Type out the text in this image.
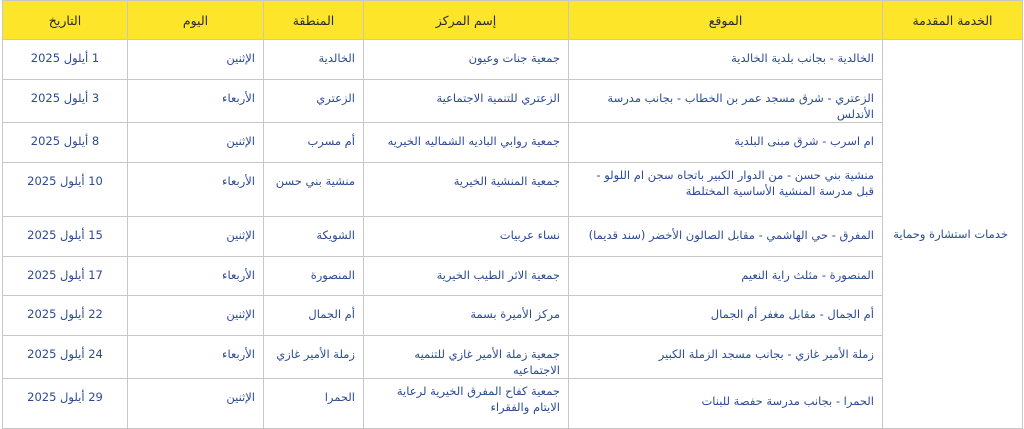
الخدمة المقدمة	الموقع	إسم المركز	المنطقة	اليوم	التاريخ
خدمات استشارة وحماية	الخالدية - بجانب بلدية الخالدية	جمعية جنات وعيون	الخالدية	الإثنين	1 أيلول 2025

	الزعتري - شرق مسجد عمر بن الخطاب - بجانب مدرسة الأندلس	الزعتري للتنمية الاجتماعية	الزعتري	الأربعاء	3 أيلول 2025

	ام اسرب - شرق مبنى البلدية	جمعية روابي الباديه الشماليه الخيريه	أم مسرب	الإثنين	8 أيلول 2025

	منشية بني حسن - من الدوار الكبير باتجاه سجن ام اللولو - قبل مدرسة المنشية الأساسية المختلطة	جمعية المنشية الخيرية	منشية بني حسن	الأربعاء	10 أيلول 2025

	المفرق - حي الهاشمي - مقابل الصالون الأخضر (سند قديما)	نساء عربيات	الشويكة	الإثنين	15 أيلول 2025

	المنصورة - مثلث راية النعيم	جمعية الاثر الطيب الخيرية	المنصورة	الأربعاء	17 أيلول 2025

	أم الجمال - مقابل مغفر أم الجمال	مركز الأميرة بسمة	أم الجمال	الإثنين	22 أيلول 2025

	زملة الأمير غازي - بجانب مسجد الزملة الكبير	جمعية زملة الأمير غازي للتنميه الاجتماعيه	زملة الأمير غازي	الأربعاء	24 أيلول 2025

	الحمرا - بجانب مدرسة حفصة للبنات	جمعية كفاح المفرق الخيرية لرعاية الايتام والفقراء	الحمرا	الإثنين	29 أيلول 2025
